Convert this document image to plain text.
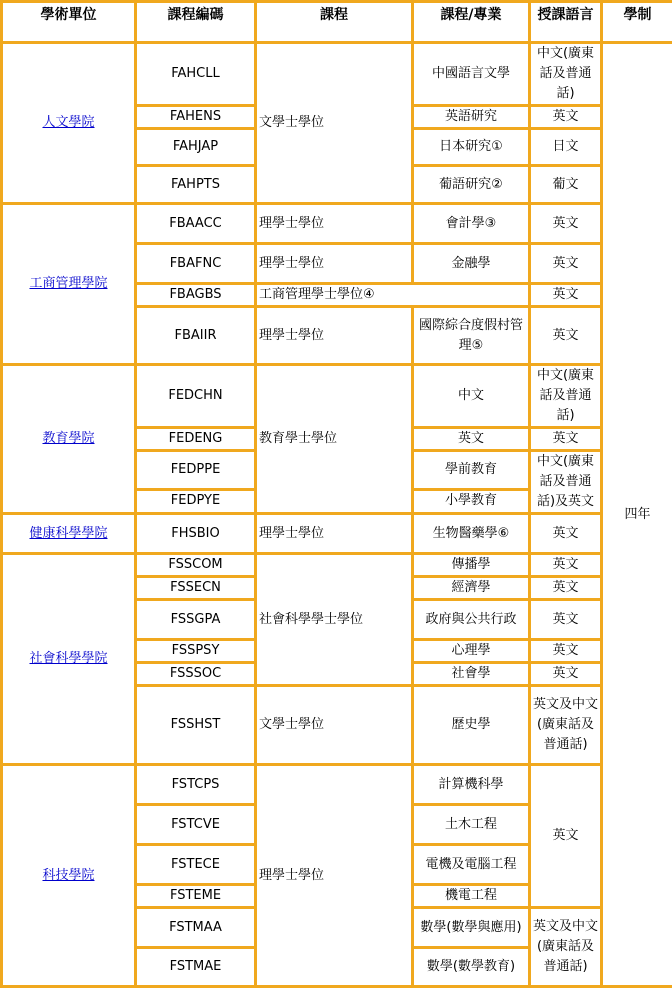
學術單位	課程編碼	課程	課程/專業	授課語言	學制
人文學院	FAHCLL	文學士學位	中國語言文學	中文(廣東話及普通話)	四年
	FAHENS		英語研究	英文	
	FAHJAP		日本研究①	日文	
	FAHPTS		葡語研究②	葡文	
工商管理學院	FBAACC	理學士學位	會計學③	英文	
	FBAFNC	理學士學位	金融學	英文	
	FBAGBS	工商管理學士學位④		英文	
	FBAIIR	理學士學位	國際綜合度假村管理⑤	英文	
教育學院	FEDCHN	教育學士學位	中文	中文(廣東話及普通話)	
	FEDENG		英文	英文	
	FEDPPE		學前教育	中文(廣東話及普通話)及英文	
	FEDPYE		小學教育		
健康科學學院	FHSBIO	理學士學位	生物醫藥學⑥	英文	
社會科學學院	FSSCOM	社會科學學士學位	傳播學	英文	
	FSSECN		經濟學	英文	
	FSSGPA		政府與公共行政	英文	
	FSSPSY		心理學	英文	
	FSSSOC		社會學	英文	
	FSSHST	文學士學位	歷史學	英文及中文(廣東話及普通話)	
科技學院	FSTCPS	理學士學位	計算機科學	英文	
	FSTCVE		土木工程		
	FSTECE		電機及電腦工程		
	FSTEME		機電工程		
	FSTMAA		數學(數學與應用)	英文及中文(廣東話及普通話)	
	FSTMAE		數學(數學教育)		
